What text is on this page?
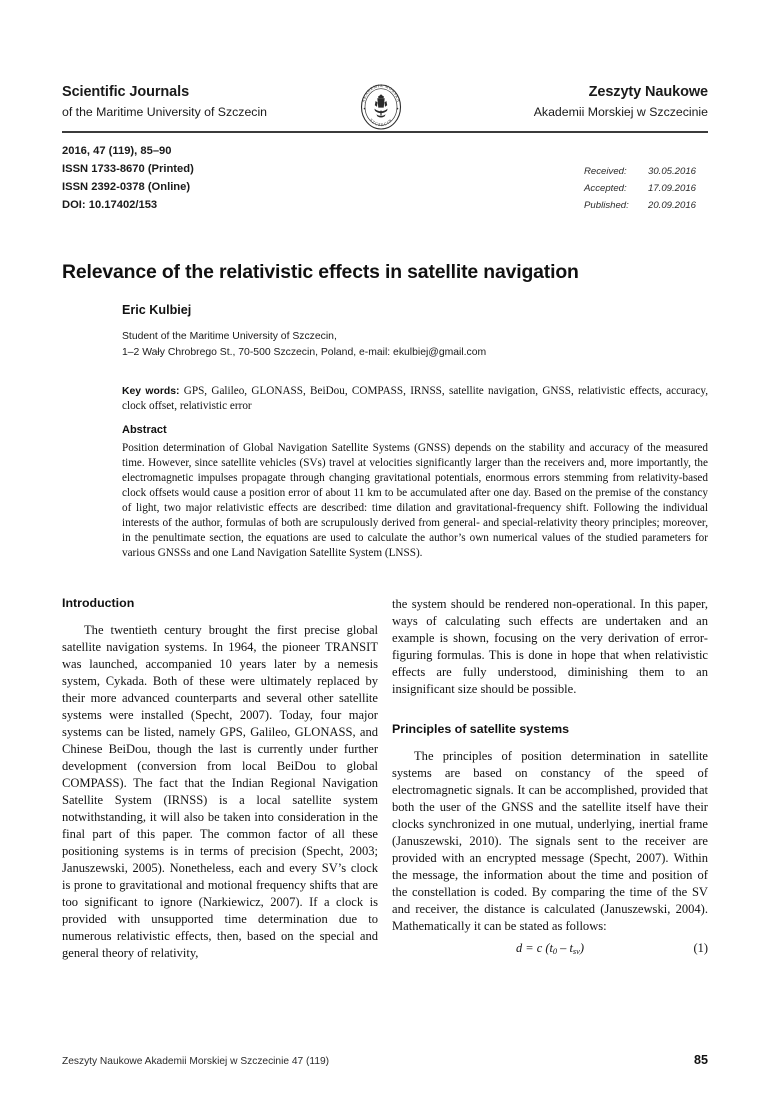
Scientific Journals
of the Maritime University of Szczecin
Zeszyty Naukowe
Akademii Morskiej w Szczecinie
AKADEMIA MORSKA
SZCZECIN
2016, 47 (119), 85–90
ISSN 1733-8670 (Printed)
ISSN 2392-0378 (Online)
DOI: 10.17402/153
Received:	30.05.2016
Accepted:	17.09.2016
Published:	20.09.2016
Relevance of the relativistic effects in satellite navigation
Eric Kulbiej
Student of the Maritime University of Szczecin,
1–2 Wały Chrobrego St., 70-500 Szczecin, Poland, e-mail: ekulbiej@gmail.com
Key words: GPS, Galileo, GLONASS, BeiDou, COMPASS, IRNSS, satellite navigation, GNSS, relativistic effects, accuracy, clock offset, relativistic error
Abstract
Position determination of Global Navigation Satellite Systems (GNSS) depends on the stability and accuracy of the measured time. However, since satellite vehicles (SVs) travel at velocities significantly larger than the receivers and, more importantly, the electromagnetic impulses propagate through changing gravitational potentials, enormous errors stemming from relativity-based clock offsets would cause a position error of about 11 km to be accumulated after one day. Based on the premise of the constancy of light, two major relativistic effects are described: time dilation and gravitational-frequency shift. Following the individual interests of the author, formulas of both are scrupulously derived from general- and special-relativity theory principles; moreover, in the penultimate section, the equations are used to calculate the author’s own numerical values of the studied parameters for various GNSSs and one Land Navigation Satellite System (LNSS).
Introduction

The twentieth century brought the first precise global satellite navigation systems. In 1964, the pioneer TRANSIT was launched, accompanied 10 years later by a nemesis system, Cykada. Both of these were ultimately replaced by their more advanced counterparts and several other satellite systems were installed (Specht, 2007). Today, four major systems can be listed, namely GPS, Galileo, GLONASS, and Chinese BeiDou, though the last is currently under further development (conversion from local BeiDou to global COMPASS). The fact that the Indian Regional Navigation Satellite System (IRNSS) is a local satellite system notwithstanding, it will also be taken into consideration in the final part of this paper. The common factor of all these positioning systems is in terms of precision (Specht, 2003; Januszewski, 2005). Nonetheless, each and every SV’s clock is prone to gravitational and motional frequency shifts that are too significant to ignore (Narkiewicz, 2007). If a clock is provided with unsupported time determination due to numerous relativistic effects, then, based on the special and general theory of relativity,

the system should be rendered non-operational. In this paper, ways of calculating such effects are undertaken and an example is shown, focusing on the very derivation of error-figuring formulas. This is done in hope that when relativistic effects are fully understood, diminishing them to an insignificant size should be possible.

Principles of satellite systems

The principles of position determination in satellite systems are based on constancy of the speed of electromagnetic signals. It can be accomplished, provided that both the user of the GNSS and the satellite itself have their clocks synchronized in one mutual, underlying, inertial frame (Januszewski, 2010). The signals sent to the receiver are provided with an encrypted message (Specht, 2007). Within the message, the information about the time and position of the constellation is coded. By comparing the time of the SV and receiver, the distance is calculated (Januszewski, 2004). Mathematically it can be stated as follows:

d = c $(t_0 - t_{sv})$	(1)
Zeszyty Naukowe Akademii Morskiej w Szczecinie 47 (119)	85
